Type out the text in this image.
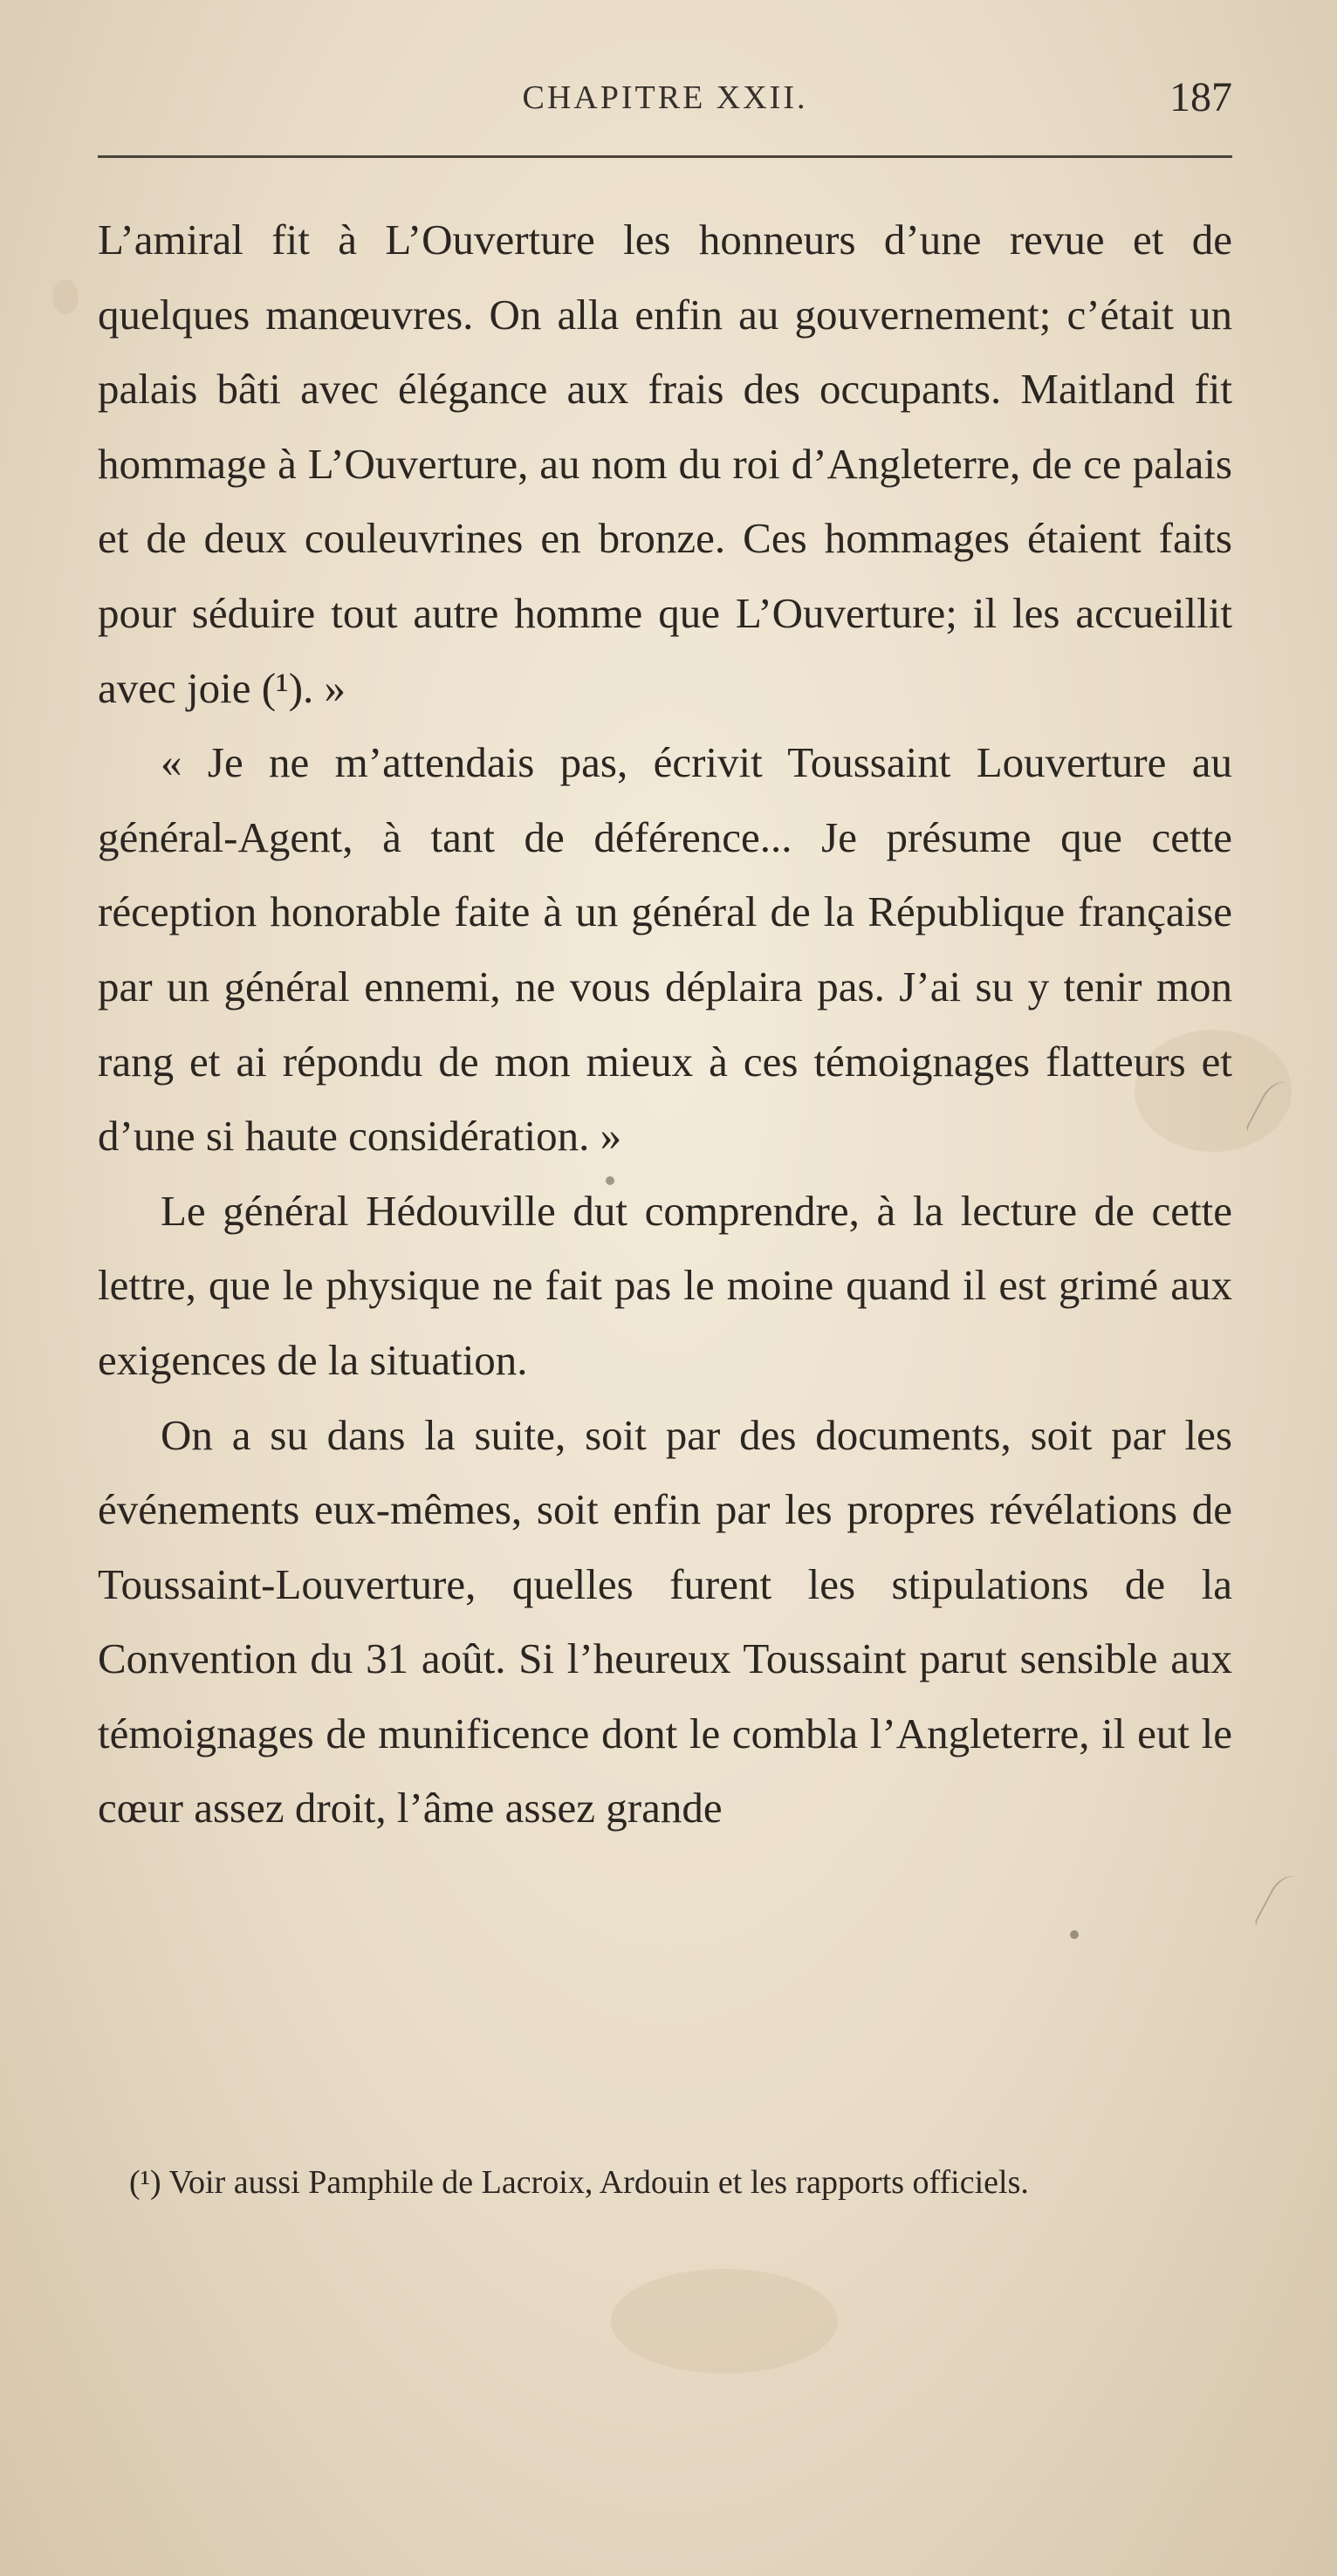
CHAPITRE XXII.	187

L’amiral fit à L’Ouverture les honneurs d’une revue et de quelques manœuvres. On alla enfin au gouvernement; c’était un palais bâti avec élégance aux frais des occupants. Maitland fit hommage à L’Ouverture, au nom du roi d’Angleterre, de ce palais et de deux couleuvrines en bronze. Ces hommages étaient faits pour séduire tout autre homme que L’Ouverture; il les accueillit avec joie (¹). »

« Je ne m’attendais pas, écrivit Toussaint Louverture au général-Agent, à tant de déférence... Je présume que cette réception honorable faite à un général de la République française par un général ennemi, ne vous déplaira pas. J’ai su y tenir mon rang et ai répondu de mon mieux à ces témoignages flatteurs et d’une si haute considération. »

Le général Hédouville dut comprendre, à la lecture de cette lettre, que le physique ne fait pas le moine quand il est grimé aux exigences de la situation.

On a su dans la suite, soit par des documents, soit par les événements eux-mêmes, soit enfin par les propres révélations de Toussaint-Louverture, quelles furent les stipulations de la Convention du 31 août. Si l’heureux Toussaint parut sensible aux témoignages de munificence dont le combla l’Angleterre, il eut le cœur assez droit, l’âme assez grande

(¹) Voir aussi Pamphile de Lacroix, Ardouin et les rapports officiels.
